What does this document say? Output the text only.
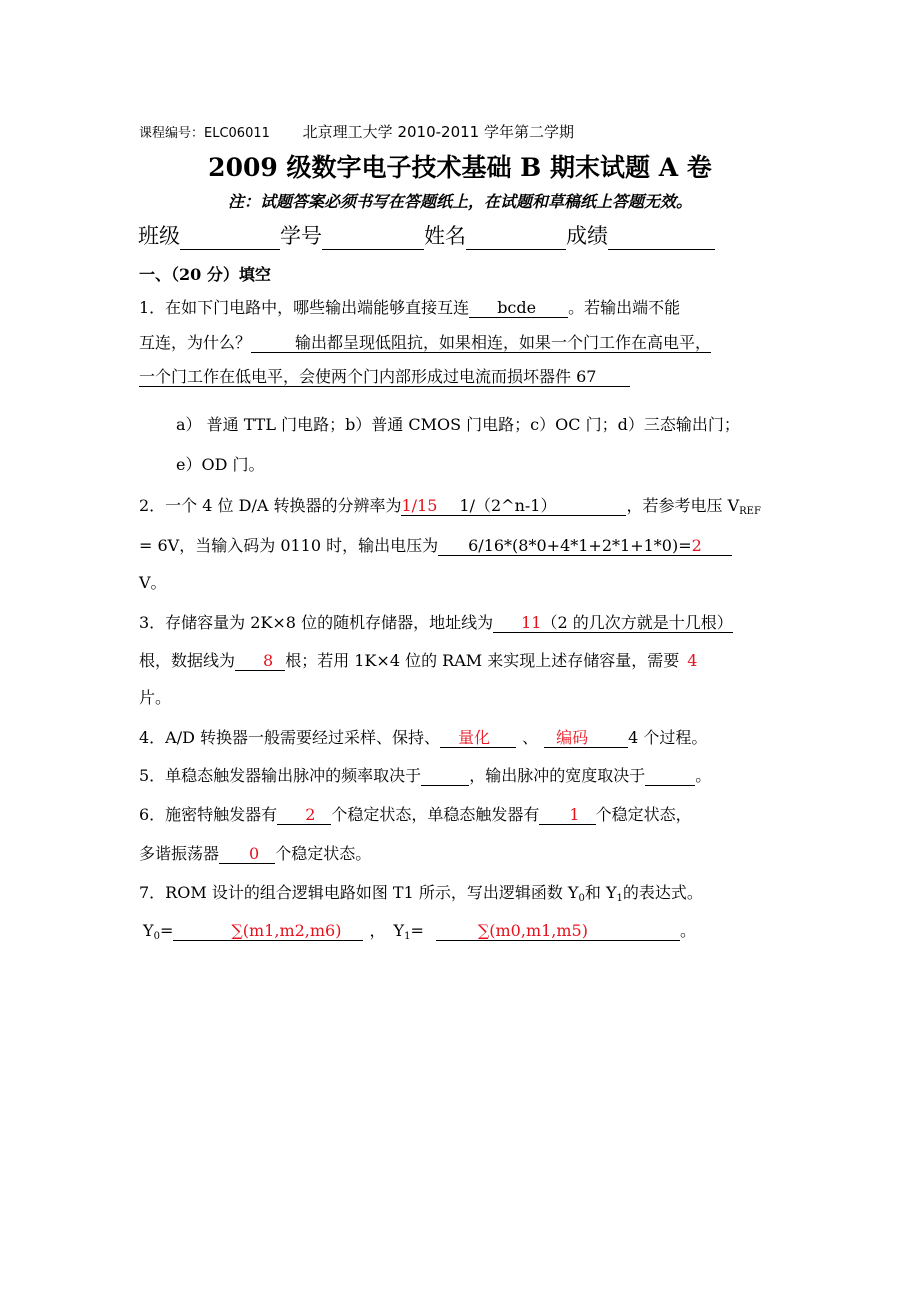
课程编号：ELC06011 北京理工大学 2010-2011 学年第二学期
2009 级数字电子技术基础 B 期末试题 A 卷
注：试题答案必须书写在答题纸上，在试题和草稿纸上答题无效。
班级	学号	姓名	成绩
一、（20 分）填空
1．在如下门电路中，哪些输出端能够直接互连 bcde 。若输出端不能
互连，为什么？	输出都呈现低阻抗，如果相连，如果一个门工作在高电平，
一个门工作在低电平，会使两个门内部形成过电流而损坏器件 67
a） 普通 TTL 门电路；b）普通 CMOS 门电路；c）OC 门；d）三态输出门；
e）OD 门。
2．一个 4 位 D/A 转换器的分辨率为1/15 1/（2^n-1）	，若参考电压 $V_{REF}$
= 6V，当输入码为 0110 时，输出电压为 6/16*(8*0+4*1+2*1+1*0)=2
V。
3．存储容量为 2K×8 位的随机存储器，地址线为 11（2 的几次方就是十几根）
根，数据线为 8 根；若用 1K×4 位的 RAM 来实现上述存储容量，需要 4
片。
4．A/D 转换器一般需要经过采样、保持、 量化 、 编码	4 个过程。
5．单稳态触发器输出脉冲的频率取决于	，输出脉冲的宽度取决于	。
6．施密特触发器有 2 个稳定状态，单稳态触发器有 1 个稳定状态，
多谐振荡器 0 个稳定状态。
7．ROM 设计的组合逻辑电路如图 T1 所示，写出逻辑函数 $Y_0$和 $Y_1$的表达式。
$Y_0=$	∑(m1,m2,m6) ， $Y_1=$	∑(m0,m1,m5)	。
